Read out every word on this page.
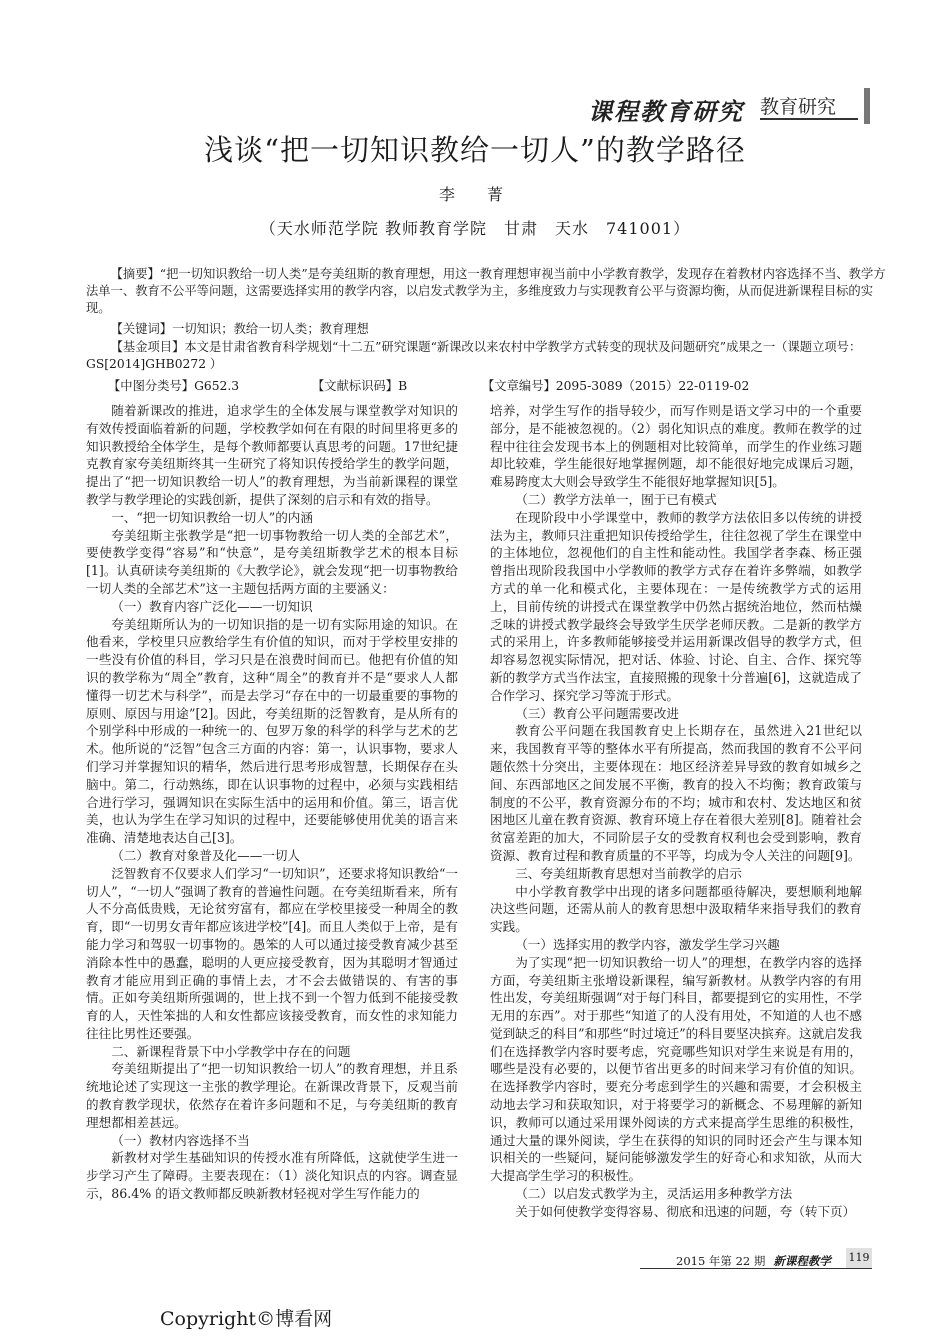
课程教育研究 教育研究
浅谈“把一切知识教给一切人”的教学路径
李　菁
（天水师范学院 教师教育学院　甘肃　天水　741001）

【摘要】“把一切知识教给一切人类”是夸美纽斯的教育理想，用这一教育理想审视当前中小学教育教学，发现存在着教材内容选择不当、教学方法单一、教育不公平等问题，这需要选择实用的教学内容，以启发式教学为主，多维度致力与实现教育公平与资源均衡，从而促进新课程目标的实现。

【关键词】一切知识；教给一切人类；教育理想

【基金项目】本文是甘肃省教育科学规划“十二五”研究课题“新课改以来农村中学教学方式转变的现状及问题研究”成果之一（课题立项号：GS[2014]GHB0272 ）

【中图分类号】G652.3	【文献标识码】B	【文章编号】2095-3089（2015）22-0119-02

随着新课改的推进，追求学生的全体发展与课堂教学对知识的有效传授面临着新的问题，学校教学如何在有限的时间里将更多的知识教授给全体学生，是每个教师都要认真思考的问题。17世纪捷克教育家夸美纽斯终其一生研究了将知识传授给学生的教学问题，提出了“把一切知识教给一切人”的教育理想，为当前新课程的课堂教学与教学理论的实践创新，提供了深刻的启示和有效的指导。

一、“把一切知识教给一切人”的内涵

夸美纽斯主张教学是“把一切事物教给一切人类的全部艺术”，要使教学变得“容易”和“快意”，是夸美纽斯教学艺术的根本目标[1]。认真研读夸美纽斯的《大教学论》，就会发现“把一切事物教给一切人类的全部艺术”这一主题包括两方面的主要涵义：

（一）教育内容广泛化——一切知识

夸美纽斯所认为的一切知识指的是一切有实际用途的知识。在他看来，学校里只应教给学生有价值的知识，而对于学校里安排的一些没有价值的科目，学习只是在浪费时间而已。他把有价值的知识的教学称为“周全”教育，这种“周全”的教育并不是“要求人人都懂得一切艺术与科学”，而是去学习“存在中的一切最重要的事物的原则、原因与用途”[2]。因此，夸美纽斯的泛智教育，是从所有的个别学科中形成的一种统一的、包罗万象的科学的科学与艺术的艺术。他所说的“泛智”包含三方面的内容：第一，认识事物，要求人们学习并掌握知识的精华，然后进行思考形成智慧，长期保存在头脑中。第二，行动熟练，即在认识事物的过程中，必须与实践相结合进行学习，强调知识在实际生活中的运用和价值。第三，语言优美，也认为学生在学习知识的过程中，还要能够使用优美的语言来准确、清楚地表达自己[3]。

（二）教育对象普及化——一切人

泛智教育不仅要求人们学习“一切知识”，还要求将知识教给“一切人”，“一切人”强调了教育的普遍性问题。在夸美纽斯看来，所有人不分高低贵贱，无论贫穷富有，都应在学校里接受一种周全的教育，即“一切男女青年都应该进学校”[4]。而且人类似于上帝，是有能力学习和驾驭一切事物的。愚笨的人可以通过接受教育减少甚至消除本性中的愚蠢，聪明的人更应接受教育，因为其聪明才智通过教育才能应用到正确的事情上去，才不会去做错误的、有害的事情。正如夸美纽斯所强调的，世上找不到一个智力低到不能接受教育的人，天性笨拙的人和女性都应该接受教育，而女性的求知能力往往比男性还要强。

二、新课程背景下中小学教学中存在的问题

夸美纽斯提出了“把一切知识教给一切人”的教育理想，并且系统地论述了实现这一主张的教学理论。在新课改背景下，反观当前的教育教学现状，依然存在着许多问题和不足，与夸美纽斯的教育理想都相差甚远。

（一）教材内容选择不当

新教材对学生基础知识的传授水准有所降低，这就使学生进一步学习产生了障碍。主要表现在：（1）淡化知识点的内容。调查显示，86.4% 的语文教师都反映新教材轻视对学生写作能力的

培养，对学生写作的指导较少，而写作则是语文学习中的一个重要部分，是不能被忽视的。（2）弱化知识点的难度。教师在教学的过程中往往会发现书本上的例题相对比较简单，而学生的作业练习题却比较难，学生能很好地掌握例题，却不能很好地完成课后习题，难易跨度太大则会导致学生不能很好地掌握知识[5]。

（二）教学方法单一，囿于已有模式

在现阶段中小学课堂中，教师的教学方法依旧多以传统的讲授法为主，教师只注重把知识传授给学生，往往忽视了学生在课堂中的主体地位，忽视他们的自主性和能动性。我国学者李森、杨正强曾指出现阶段我国中小学教师的教学方式存在着许多弊端，如教学方式的单一化和模式化，主要体现在：一是传统教学方式的运用上，目前传统的讲授式在课堂教学中仍然占据统治地位，然而枯燥乏味的讲授式教学最终会导致学生厌学老师厌教。二是新的教学方式的采用上，许多教师能够接受并运用新课改倡导的教学方式，但却容易忽视实际情况，把对话、体验、讨论、自主、合作、探究等新的教学方式当作法宝，直接照搬的现象十分普遍[6]，这就造成了合作学习、探究学习等流于形式。

（三）教育公平问题需要改进

教育公平问题在我国教育史上长期存在，虽然进入21世纪以来，我国教育平等的整体水平有所提高，然而我国的教育不公平问题依然十分突出，主要体现在：地区经济差异导致的教育如城乡之间、东西部地区之间发展不平衡，教育的投入不均衡；教育政策与制度的不公平，教育资源分布的不均；城市和农村、发达地区和贫困地区儿童在教育资源、教育环境上存在着很大差别[8]。随着社会贫富差距的加大，不同阶层子女的受教育权利也会受到影响，教育资源、教育过程和教育质量的不平等，均成为令人关注的问题[9]。

三、夸美纽斯教育思想对当前教学的启示

中小学教育教学中出现的诸多问题都亟待解决，要想顺利地解决这些问题，还需从前人的教育思想中汲取精华来指导我们的教育实践。

（一）选择实用的教学内容，激发学生学习兴趣

为了实现“把一切知识教给一切人”的理想，在教学内容的选择方面，夸美纽斯主张增设新课程，编写新教材。从教学内容的有用性出发，夸美纽斯强调“对于每门科目，都要提到它的实用性，不学无用的东西”。对于那些“知道了的人没有用处，不知道的人也不感觉到缺乏的科目”和那些“时过境迁”的科目要坚决摈弃。这就启发我们在选择教学内容时要考虑，究竟哪些知识对学生来说是有用的，哪些是没有必要的，以便节省出更多的时间来学习有价值的知识。在选择教学内容时，要充分考虑到学生的兴趣和需要，才会积极主动地去学习和获取知识，对于将要学习的新概念、不易理解的新知识，教师可以通过采用课外阅读的方式来提高学生思维的积极性，通过大量的课外阅读，学生在获得的知识的同时还会产生与课本知识相关的一些疑问，疑问能够激发学生的好奇心和求知欲，从而大大提高学生学习的积极性。

（二）以启发式教学为主，灵活运用多种教学方法

关于如何使教学变得容易、彻底和迅速的问题，夸（转下页）

2015 年第 22 期 新课程教学 119
Copyright©博看网
